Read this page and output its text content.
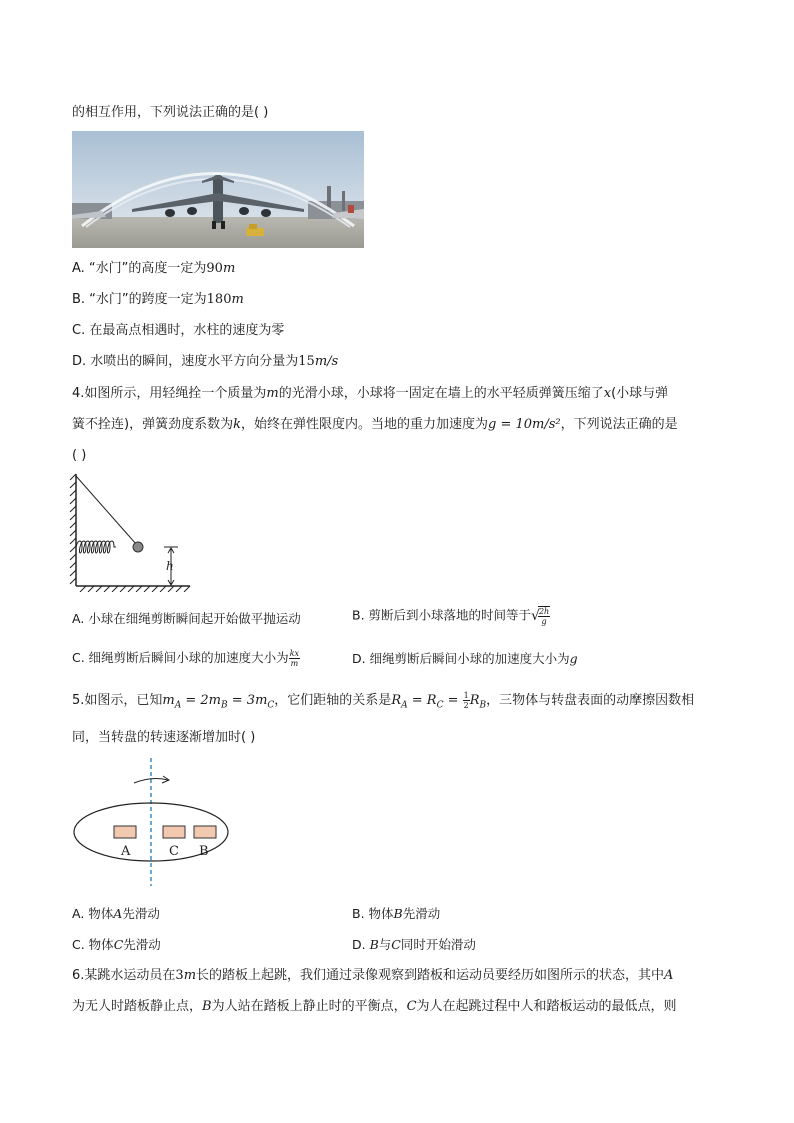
的相互作用，下列说法正确的是( )
A. “水门”的高度一定为90m
B. “水门”的跨度一定为180m
C. 在最高点相遇时，水柱的速度为零
D. 水喷出的瞬间，速度水平方向分量为15m/s
4.如图所示，用轻绳拴一个质量为m的光滑小球，小球将一固定在墙上的水平轻质弹簧压缩了x(小球与弹
簧不拴连)，弹簧劲度系数为k，始终在弹性限度内。当地的重力加速度为g = 10m/s²，下列说法正确的是
( )
h
A. 小球在细绳剪断瞬间起开始做平抛运动	B. 剪断后到小球落地的时间等于√
$\frac{2h}{g}$
C. 细绳剪断后瞬间小球的加速度大小为 $\frac{kx}{m}$	D. 细绳剪断后瞬间小球的加速度大小为g
5.如图示，已知$m_A = 2m_B = 3m_C$，它们距轴的关系是$R_A = R_C = \frac{1}{2} R_B$，三物体与转盘表面的动摩擦因数相
同，当转盘的转速逐渐增加时( )
A	C B
A. 物体A先滑动	B. 物体B先滑动
C. 物体C先滑动	D. B与C同时开始滑动
6.某跳水运动员在3m长的踏板上起跳，我们通过录像观察到踏板和运动员要经历如图所示的状态，其中A
为无人时踏板静止点，B为人站在踏板上静止时的平衡点，C为人在起跳过程中人和踏板运动的最低点，则
